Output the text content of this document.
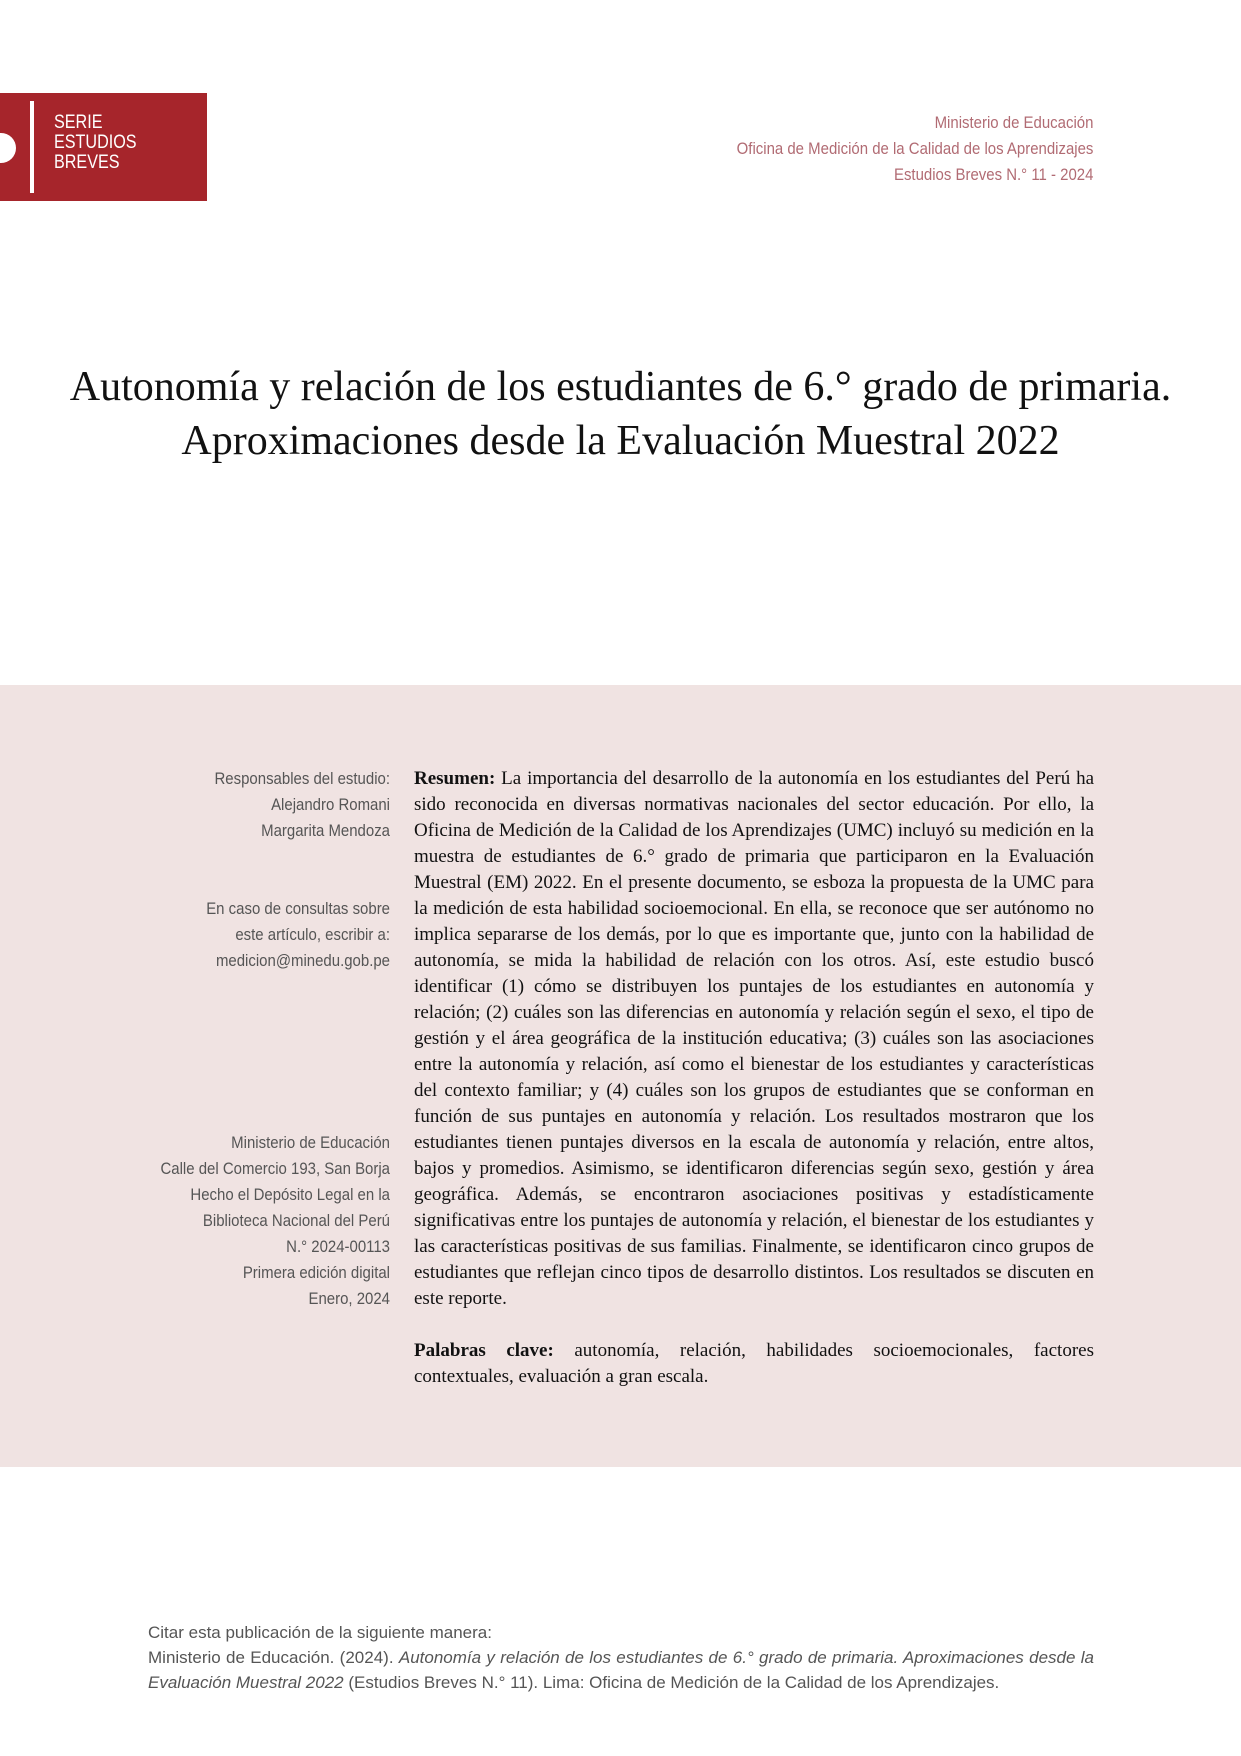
SERIE
ESTUDIOS
BREVES
Ministerio de Educación
Oficina de Medición de la Calidad de los Aprendizajes
Estudios Breves N.° 11 - 2024
Autonomía y relación de los estudiantes de 6.° grado de primaria.
Aproximaciones desde la Evaluación Muestral 2022
Responsables del estudio:
Alejandro Romani
Margarita Mendoza
En caso de consultas sobre
este artículo, escribir a:
medicion@minedu.gob.pe
Ministerio de Educación
Calle del Comercio 193, San Borja
Hecho el Depósito Legal en la
Biblioteca Nacional del Perú
N.° 2024-00113
Primera edición digital
Enero, 2024

Resumen: La importancia del desarrollo de la autonomía en los estudiantes del Perú ha sido reconocida en diversas normativas nacionales del sector educación. Por ello, la Oficina de Medición de la Calidad de los Aprendizajes (UMC) incluyó su medición en la muestra de estudiantes de 6.° grado de primaria que participaron en la Evaluación Muestral (EM) 2022. En el presente documento, se esboza la propuesta de la UMC para la medición de esta habilidad socioemocional. En ella, se reconoce que ser autónomo no implica separarse de los demás, por lo que es importante que, junto con la habilidad de autonomía, se mida la habilidad de relación con los otros. Así, este estudio buscó identificar (1) cómo se distribuyen los puntajes de los estudiantes en autonomía y relación; (2) cuáles son las diferencias en autonomía y relación según el sexo, el tipo de gestión y el área geográfica de la institución educativa; (3) cuáles son las asociaciones entre la autonomía y relación, así como el bienestar de los estudiantes y características del contexto familiar; y (4) cuáles son los grupos de estudiantes que se conforman en función de sus puntajes en autonomía y relación. Los resultados mostraron que los estudiantes tienen puntajes diversos en la escala de autonomía y relación, entre altos, bajos y promedios. Asimismo, se identificaron diferencias según sexo, gestión y área geográfica. Además, se encontraron asociaciones positivas y estadísticamente significativas entre los puntajes de autonomía y relación, el bienestar de los estudiantes y las características positivas de sus familias. Finalmente, se identificaron cinco grupos de estudiantes que reflejan cinco tipos de desarrollo distintos. Los resultados se discuten en este reporte.

Palabras clave: autonomía, relación, habilidades socioemocionales, factores contextuales, evaluación a gran escala.

Citar esta publicación de la siguiente manera:
Ministerio de Educación. (2024). Autonomía y relación de los estudiantes de 6.° grado de primaria. Aproximaciones desde la Evaluación Muestral 2022 (Estudios Breves N.° 11). Lima: Oficina de Medición de la Calidad de los Aprendizajes.
